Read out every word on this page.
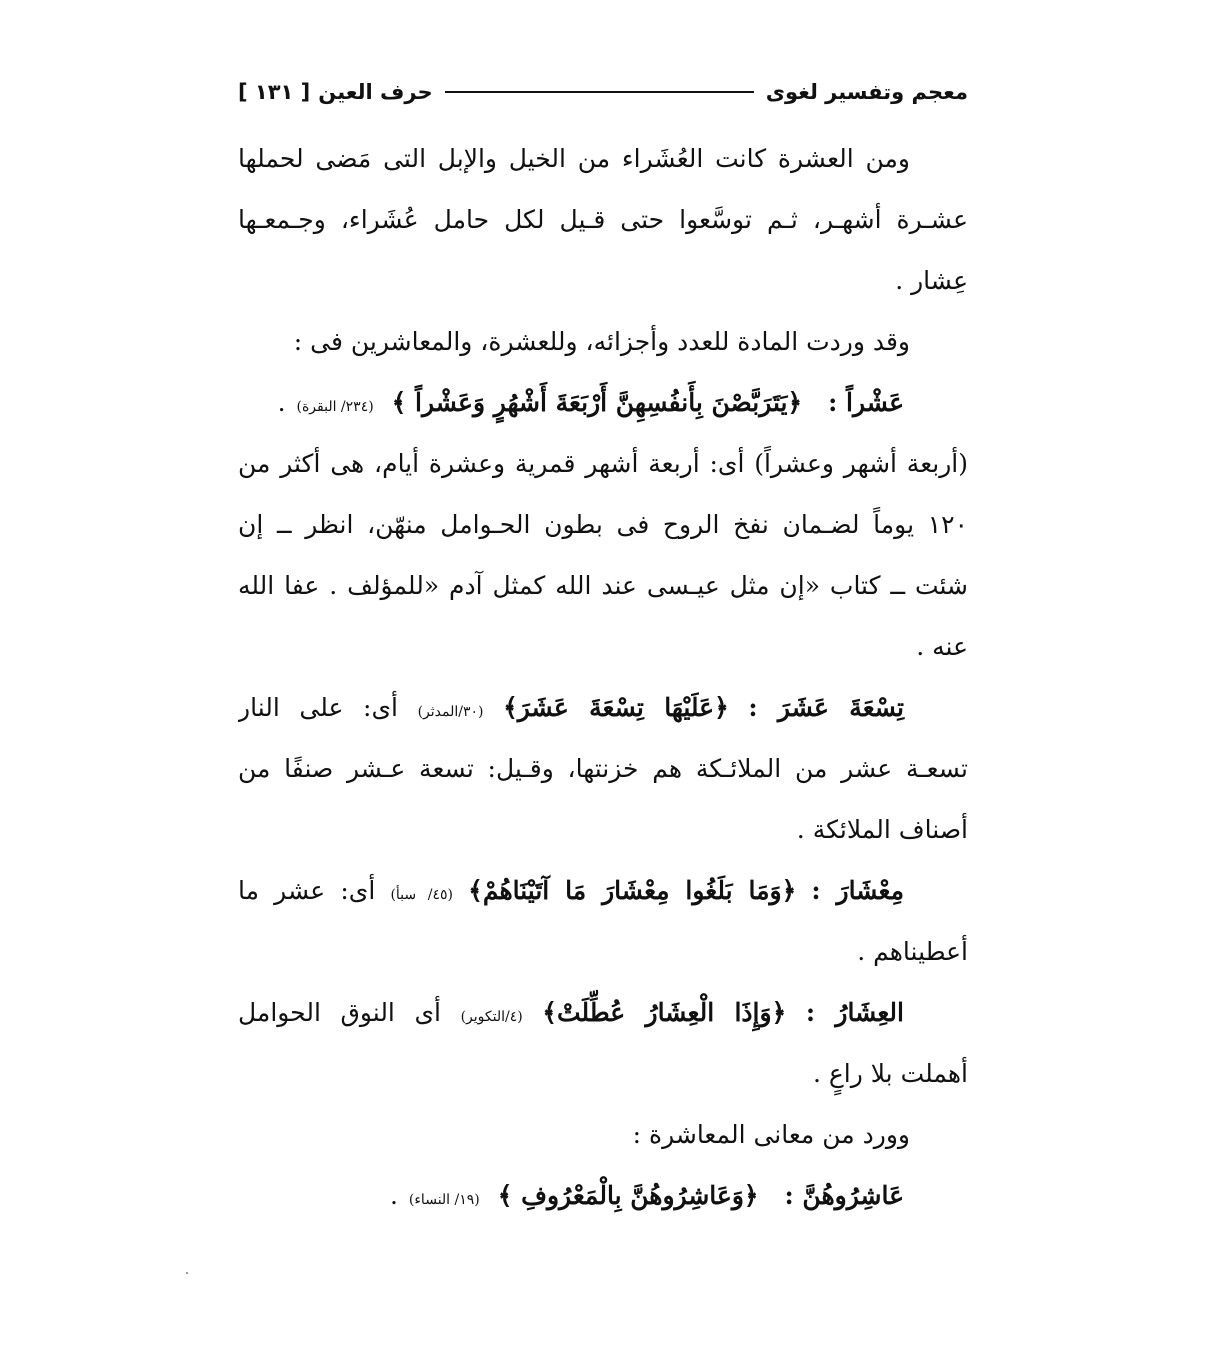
معجم وتفسير لغوى
حرف العين
[ ١٣١ ]
ومن العشرة كانت العُشَراء من الخيل والإبل التى مَضى لحملها
عشـرة أشهـر، ثـم توسَّعوا حتى قـيل لكل حامل عُشَراء، وجـمعـها
عِشار .
وقد وردت المادة للعدد وأجزائه، وللعشرة، والمعاشرين فى :
عَشْراً : ﴿يَتَرَبَّصْنَ بِأَنفُسِهِنَّ أَرْبَعَةَ أَشْهُرٍ وَعَشْراً ﴾ (٢٣٤/ البقرة) .
(أربعة أشهر وعشراً) أى: أربعة أشهر قمرية وعشرة أيام، هى أكثر من
١٢٠ يوماً لضـمان نفخ الروح فى بطون الحـوامل منهّن، انظر ــ إن
شئت ــ كتاب «إن مثل عيـسى عند الله كمثل آدم «للمؤلف . عفا الله
عنه .
تِسْعَةَ عَشَرَ : ﴿عَلَيْهَا تِسْعَةَ عَشَرَ﴾ (٣٠/المدثر) أى: على النار
تسعـة عشر من الملائـكة هم خزنتها، وقـيل: تسعة عـشر صنفًا من
أصناف الملائكة .
مِعْشَارَ : ﴿وَمَا بَلَغُوا مِعْشَارَ مَا آتَيْنَاهُمْ﴾ (٤٥/ سبأ) أى: عشر ما
أعطيناهم .
العِشَارُ : ﴿وَإِذَا الْعِشَارُ عُطِّلَتْ﴾ (٤/التكوير) أى النوق الحوامل
أهملت بلا راعٍ .
وورد من معانى المعاشرة :
عَاشِرُوهُنَّ : ﴿وَعَاشِرُوهُنَّ بِالْمَعْرُوفِ ﴾ (١٩/ النساء) .
